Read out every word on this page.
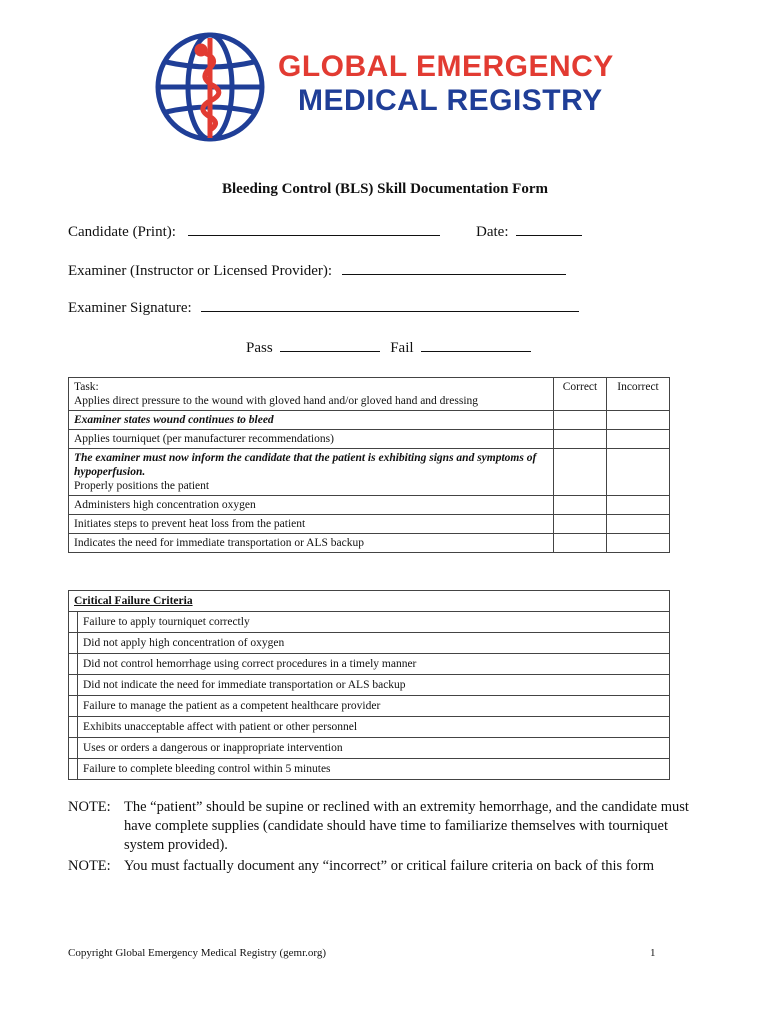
GLOBAL EMERGENCY
MEDICAL REGISTRY
Bleeding Control (BLS) Skill Documentation Form
Candidate (Print):	Date:
Examiner (Instructor or Licensed Provider):
Examiner Signature:
Pass	Fail
Task:
Applies direct pressure to the wound with gloved hand and/or gloved hand and dressing	Correct	Incorrect
Examiner states wound continues to bleed		
Applies tourniquet (per manufacturer recommendations)		

The examiner must now inform the candidate that the patient is exhibiting signs and symptoms of hypoperfusion.
Properly positions the patient		

Administers high concentration oxygen		
Initiates steps to prevent heat loss from the patient		
Indicates the need for immediate transportation or ALS backup		
Critical Failure Criteria	
	Failure to apply tourniquet correctly
	Did not apply high concentration of oxygen
	Did not control hemorrhage using correct procedures in a timely manner
	Did not indicate the need for immediate transportation or ALS backup
	Failure to manage the patient as a competent healthcare provider
	Exhibits unacceptable affect with patient or other personnel
	Uses or orders a dangerous or inappropriate intervention
	Failure to complete bleeding control within 5 minutes
NOTE: The “patient” should be supine or reclined with an extremity hemorrhage, and the candidate must have complete supplies (candidate should have time to familiarize themselves with tourniquet system provided).
NOTE: You must factually document any “incorrect” or critical failure criteria on back of this form
Copyright Global Emergency Medical Registry (gemr.org)	1
